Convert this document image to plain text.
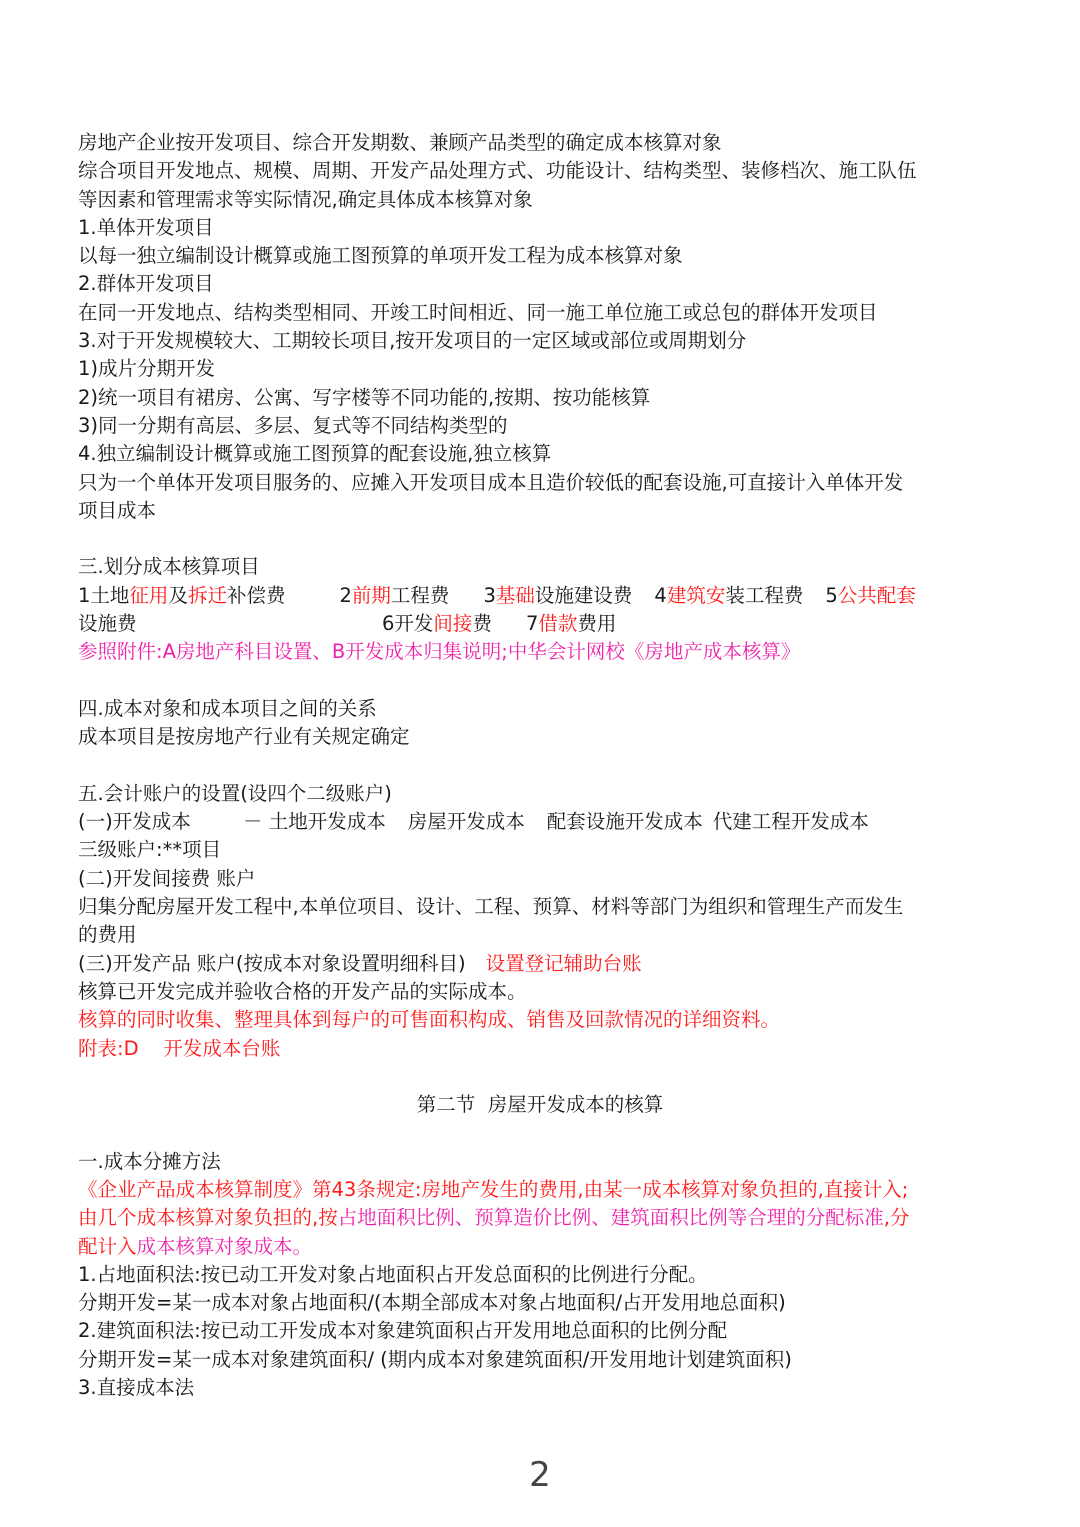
房地产企业按开发项目、综合开发期数、兼顾产品类型的确定成本核算对象
综合项目开发地点、规模、周期、开发产品处理方式、功能设计、结构类型、装修档次、施工队伍
等因素和管理需求等实际情况,确定具体成本核算对象
1.单体开发项目
以每一独立编制设计概算或施工图预算的单项开发工程为成本核算对象
2.群体开发项目
在同一开发地点、结构类型相同、开竣工时间相近、同一施工单位施工或总包的群体开发项目
3.对于开发规模较大、工期较长项目,按开发项目的一定区域或部位或周期划分
1)成片分期开发
2)统一项目有裙房、公寓、写字楼等不同功能的,按期、按功能核算
3)同一分期有高层、多层、复式等不同结构类型的
4.独立编制设计概算或施工图预算的配套设施,独立核算
只为一个单体开发项目服务的、应摊入开发项目成本且造价较低的配套设施,可直接计入单体开发
项目成本
三.划分成本核算项目
1土地征用及拆迁补偿费	2前期工程费 3基础设施建设费 4建筑安装工程费 5公共配套
设施费	6开发间接费 7借款费用
参照附件:A房地产科目设置、B开发成本归集说明;中华会计网校《房地产成本核算》
四.成本对象和成本项目之间的关系
成本项目是按房地产行业有关规定确定
五.会计账户的设置(设四个二级账户)
(一)开发成本	－ 土地开发成本 房屋开发成本 配套设施开发成本 代建工程开发成本
三级账户:**项目
(二)开发间接费 账户
归集分配房屋开发工程中,本单位项目、设计、工程、预算、材料等部门为组织和管理生产而发生
的费用
(三)开发产品 账户(按成本对象设置明细科目) 设置登记辅助台账
核算已开发完成并验收合格的开发产品的实际成本。
核算的同时收集、整理具体到每户的可售面积构成、销售及回款情况的详细资料。
附表:D    开发成本台账
第二节  房屋开发成本的核算
一.成本分摊方法
《企业产品成本核算制度》第43条规定:房地产发生的费用,由某一成本核算对象负担的,直接计入;
由几个成本核算对象负担的,按占地面积比例、预算造价比例、建筑面积比例等合理的分配标准,分
配计入成本核算对象成本。
1.占地面积法:按已动工开发对象占地面积占开发总面积的比例进行分配。
分期开发=某一成本对象占地面积/(本期全部成本对象占地面积/占开发用地总面积)
2.建筑面积法:按已动工开发成本对象建筑面积占开发用地总面积的比例分配
分期开发=某一成本对象建筑面积/ (期内成本对象建筑面积/开发用地计划建筑面积)
3.直接成本法
2
